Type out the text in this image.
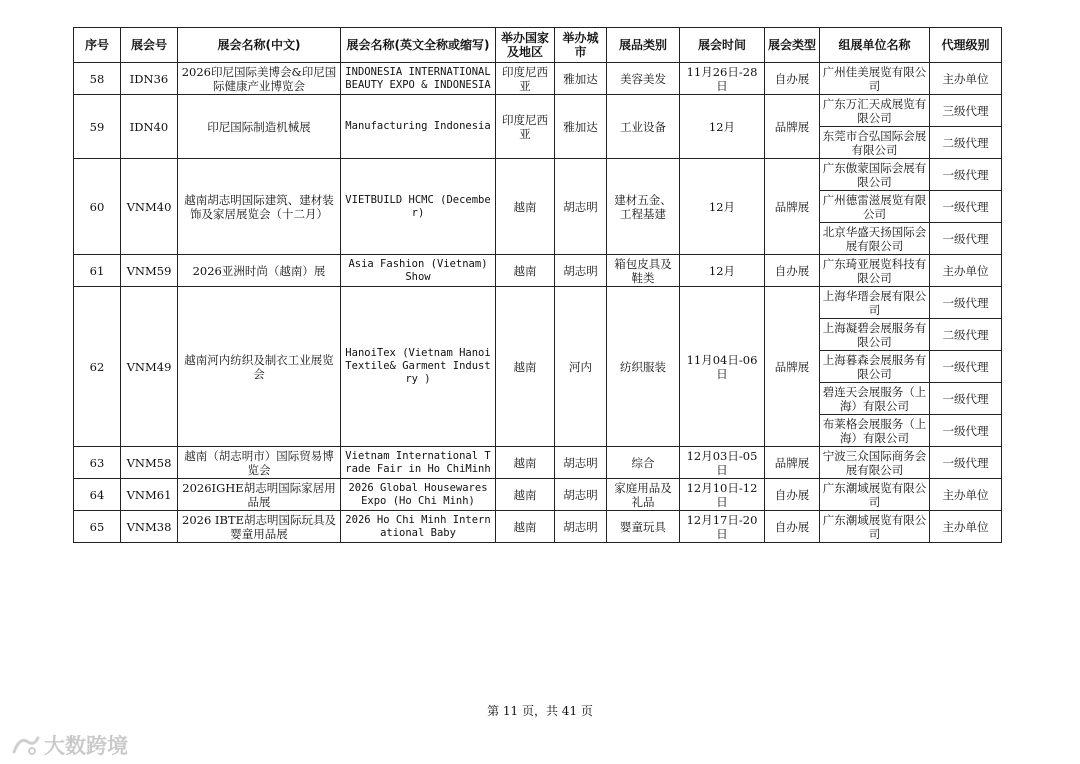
序号	展会号	展会名称(中文)	展会名称(英文全称或缩写)	举办国家及地区	举办城市	展品类别	展会时间	展会类型	组展单位名称	代理级别
58	IDN36	2026印尼国际美博会&印尼国际健康产业博览会	INDONESIA INTERNATIONAL BEAUTY EXPO & INDONESIA	印度尼西亚	雅加达	美容美发	11月26日-28日	自办展	广州佳美展览有限公司	主办单位
59	IDN40	印尼国际制造机械展	Manufacturing Indonesia	印度尼西亚	雅加达	工业设备	12月	品牌展	广东万汇天成展览有限公司	三级代理
									东莞市合弘国际会展有限公司	二级代理
60	VNM40	越南胡志明国际建筑、建材装饰及家居展览会（十二月）	VIETBUILD HCMC (December)	越南	胡志明	建材五金、工程基建	12月	品牌展	广东傲蒙国际会展有限公司	一级代理
									广州德雷滋展览有限公司	一级代理
									北京华盛天扬国际会展有限公司	一级代理
61	VNM59	2026亚洲时尚（越南）展	Asia Fashion (Vietnam) Show	越南	胡志明	箱包皮具及鞋类	12月	自办展	广东琦亚展览科技有限公司	主办单位
62	VNM49	越南河内纺织及制衣工业展览会	HanoiTex (Vietnam Hanoi Textile& Garment Industry )	越南	河内	纺织服装	11月04日-06日	品牌展	上海华瑨会展有限公司	一级代理
									上海凝碧会展服务有限公司	二级代理
									上海暮森会展服务有限公司	一级代理
									碧连天会展服务（上海）有限公司	一级代理
									布莱格会展服务（上海）有限公司	一级代理
63	VNM58	越南（胡志明市）国际贸易博览会	Vietnam International Trade Fair in Ho ChiMinh	越南	胡志明	综合	12月03日-05日	品牌展	宁波三众国际商务会展有限公司	一级代理
64	VNM61	2026IGHE胡志明国际家居用品展	2026 Global Housewares Expo (Ho Chi Minh)	越南	胡志明	家庭用品及礼品	12月10日-12日	自办展	广东潮域展览有限公司	主办单位
65	VNM38	2026 IBTE胡志明国际玩具及婴童用品展	2026 Ho Chi Minh International Baby	越南	胡志明	婴童玩具	12月17日-20日	自办展	广东潮域展览有限公司	主办单位
第 11 页，共 41 页
大数跨境
